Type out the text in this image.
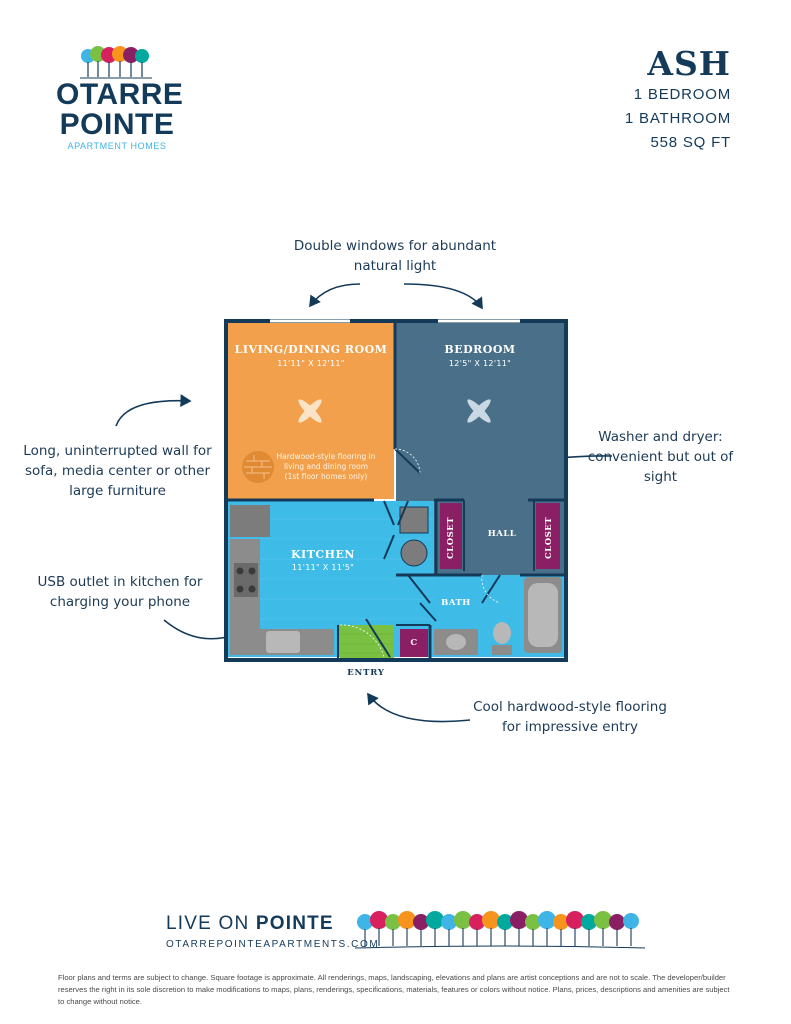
OTARRE
POINTE
APARTMENT HOMES
ASH
1 BEDROOM
1 BATHROOM
558 SQ FT
Double windows for abundant natural light
Long, uninterrupted wall for sofa, media center or other large furniture
Washer and dryer: convenient but out of sight
USB outlet in kitchen for charging your phone
Cool hardwood-style flooring for impressive entry
LIVING/DINING ROOM
11'11" X 12'11"
Hardwood-style flooring in living and dining room (1st floor homes only)
BEDROOM
12'5" X 12'11"
KITCHEN
11'11" X 11'5"
HALL
BATH
CLOSET	CLOSET
C
ENTRY
LIVE ON POINTE
OTARREPOINTEAPARTMENTS.COM
Floor plans and terms are subject to change. Square footage is approximate. All renderings, maps, landscaping, elevations and plans are artist conceptions and are not to scale. The developer/builder reserves the right in its sole discretion to make modifications to maps, plans, renderings, specifications, materials, features or colors without notice. Plans, prices, descriptions and amenities are subject to change without notice.
